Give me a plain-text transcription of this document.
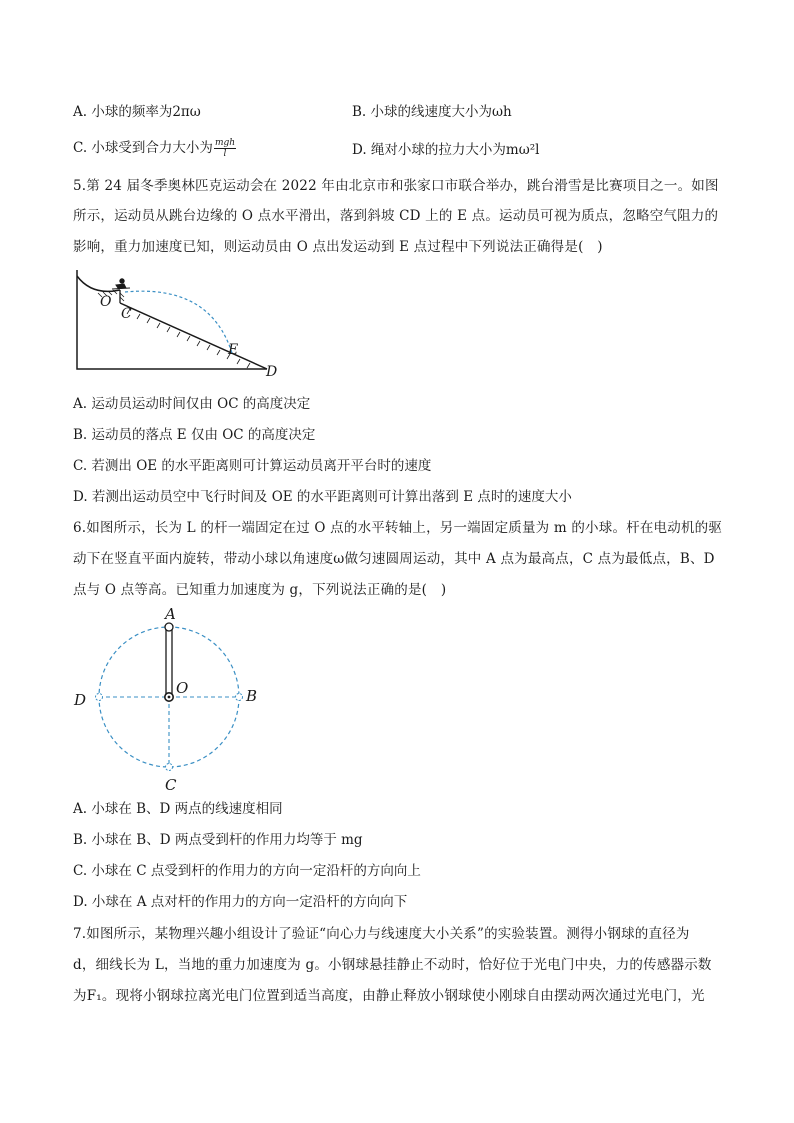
A. 小球的频率为2πω	B. 小球的线速度大小为ωh
C. 小球受到合力大小为 $\frac{\text{mgh}}{l}$	D. 绳对小球的拉力大小为mω²l
5.第 24 届冬季奥林匹克运动会在 2022 年由北京市和张家口市联合举办，跳台滑雪是比赛项目之一。如图
所示，运动员从跳台边缘的 O 点水平滑出，落到斜坡 CD 上的 E 点。运动员可视为质点，忽略空气阻力的
影响，重力加速度已知，则运动员由 O 点出发运动到 E 点过程中下列说法正确得是(　)
O
C
E
D
A. 运动员运动时间仅由 OC 的高度决定
B. 运动员的落点 E 仅由 OC 的高度决定
C. 若测出 OE 的水平距离则可计算运动员离开平台时的速度
D. 若测出运动员空中飞行时间及 OE 的水平距离则可计算出落到 E 点时的速度大小
6.如图所示，长为 L 的杆一端固定在过 O 点的水平转轴上，另一端固定质量为 m 的小球。杆在电动机的驱
动下在竖直平面内旋转，带动小球以角速度ω做匀速圆周运动，其中 A 点为最高点，C 点为最低点，B、D
点与 O 点等高。已知重力加速度为 g，下列说法正确的是(　)
A
O	B
D
C
A. 小球在 B、D 两点的线速度相同
B. 小球在 B、D 两点受到杆的作用力均等于 mg
C. 小球在 C 点受到杆的作用力的方向一定沿杆的方向向上
D. 小球在 A 点对杆的作用力的方向一定沿杆的方向向下
7.如图所示，某物理兴趣小组设计了验证“向心力与线速度大小关系”的实验装置。测得小钢球的直径为
d，细线长为 L，当地的重力加速度为 g。小钢球悬挂静止不动时，恰好位于光电门中央，力的传感器示数
为F₁。现将小钢球拉离光电门位置到适当高度，由静止释放小钢球使小刚球自由摆动两次通过光电门，光
